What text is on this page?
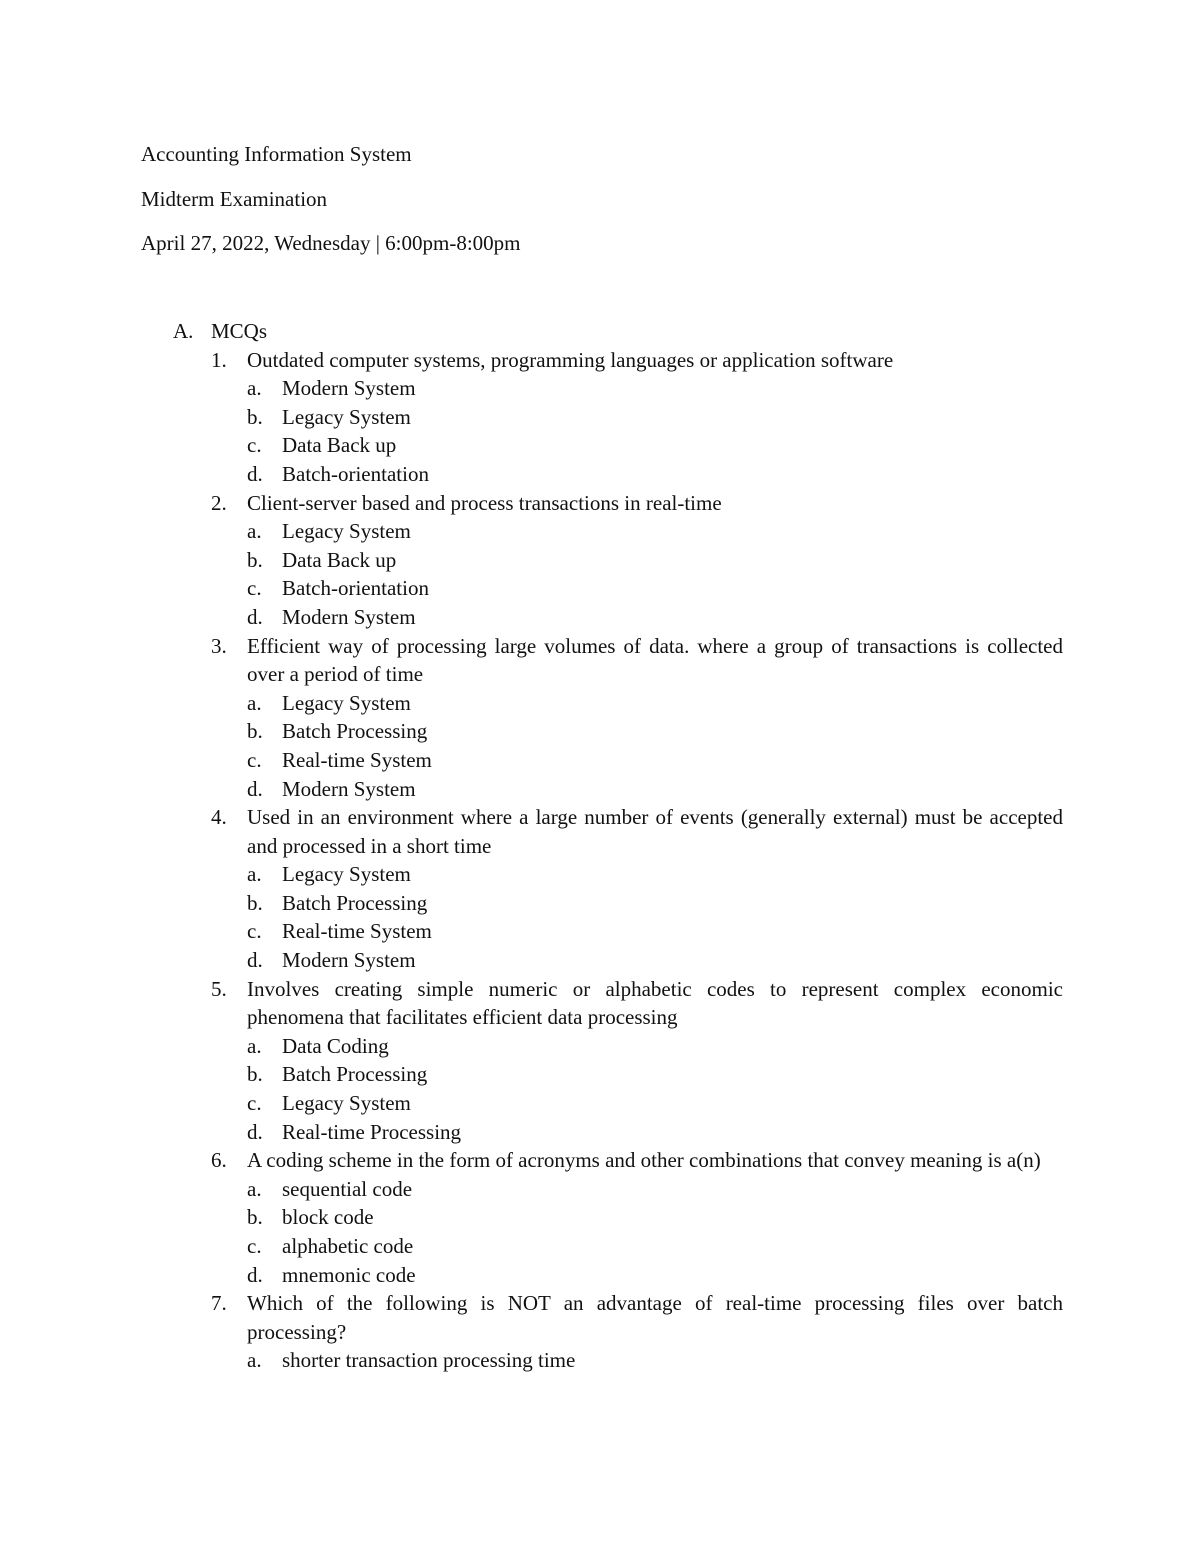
Accounting Information System
Midterm Examination
April 27, 2022, Wednesday | 6:00pm-8:00pm
A. MCQs
1. Outdated computer systems, programming languages or application software
a. Modern System
b. Legacy System
c. Data Back up
d. Batch-orientation
2. Client-server based and process transactions in real-time
a. Legacy System
b. Data Back up
c. Batch-orientation
d. Modern System
3. Efficient way of processing large volumes of data. where a group of transactions is collected over a period of time
a. Legacy System
b. Batch Processing
c. Real-time System
d. Modern System
4. Used in an environment where a large number of events (generally external) must be accepted and processed in a short time
a. Legacy System
b. Batch Processing
c. Real-time System
d. Modern System
5. Involves creating simple numeric or alphabetic codes to represent complex economic phenomena that facilitates efficient data processing
a. Data Coding
b. Batch Processing
c. Legacy System
d. Real-time Processing
6. A coding scheme in the form of acronyms and other combinations that convey meaning is a(n)
a. sequential code
b. block code
c. alphabetic code
d. mnemonic code
7. Which of the following is NOT an advantage of real-time processing files over batch processing?
a. shorter transaction processing time
